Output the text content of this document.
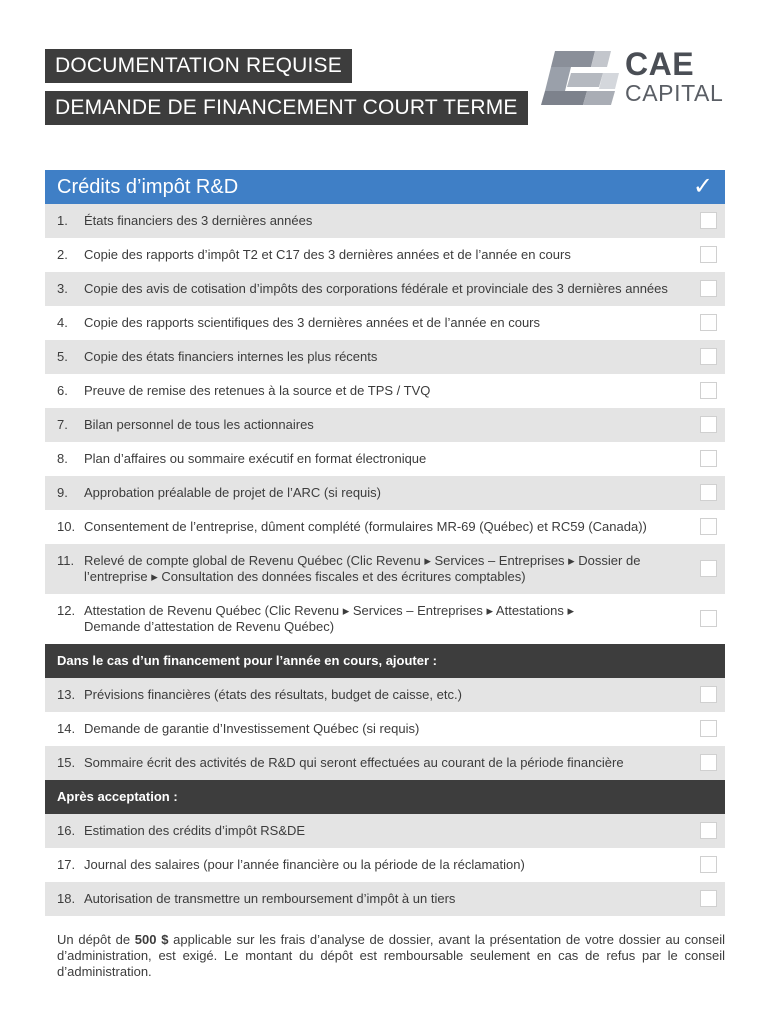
DOCUMENTATION REQUISE
DEMANDE DE FINANCEMENT COURT TERME
CAE
CAPITAL
Crédits d’impôt R&D	✓
1.	États financiers des 3 dernières années
2.	Copie des rapports d’impôt T2 et C17 des 3 dernières années et de l’année en cours
3.	Copie des avis de cotisation d’impôts des corporations fédérale et provinciale des 3 dernières années
4.	Copie des rapports scientifiques des 3 dernières années et de l’année en cours
5.	Copie des états financiers internes les plus récents
6.	Preuve de remise des retenues à la source et de TPS / TVQ
7.	Bilan personnel de tous les actionnaires
8.	Plan d’affaires ou sommaire exécutif en format électronique
9.	Approbation préalable de projet de l’ARC (si requis)
10. Consentement de l’entreprise, dûment complété (formulaires MR-69 (Québec) et RC59 (Canada))
11. Relevé de compte global de Revenu Québec (Clic Revenu ▸ Services – Entreprises ▸ Dossier de
l’entreprise ▸ Consultation des données fiscales et des écritures comptables)
12. Attestation de Revenu Québec (Clic Revenu ▸ Services – Entreprises ▸ Attestations ▸
Demande d’attestation de Revenu Québec)
Dans le cas d’un financement pour l’année en cours, ajouter :
13. Prévisions financières (états des résultats, budget de caisse, etc.)
14. Demande de garantie d’Investissement Québec (si requis)
15. Sommaire écrit des activités de R&D qui seront effectuées au courant de la période financière
Après acceptation :
16. Estimation des crédits d’impôt RS&DE
17. Journal des salaires (pour l’année financière ou la période de la réclamation)
18. Autorisation de transmettre un remboursement d’impôt à un tiers
Un dépôt de 500 $ applicable sur les frais d’analyse de dossier, avant la présentation de votre dossier au conseil d’administration, est exigé. Le montant du dépôt est remboursable seulement en cas de refus par le conseil d’administration.
